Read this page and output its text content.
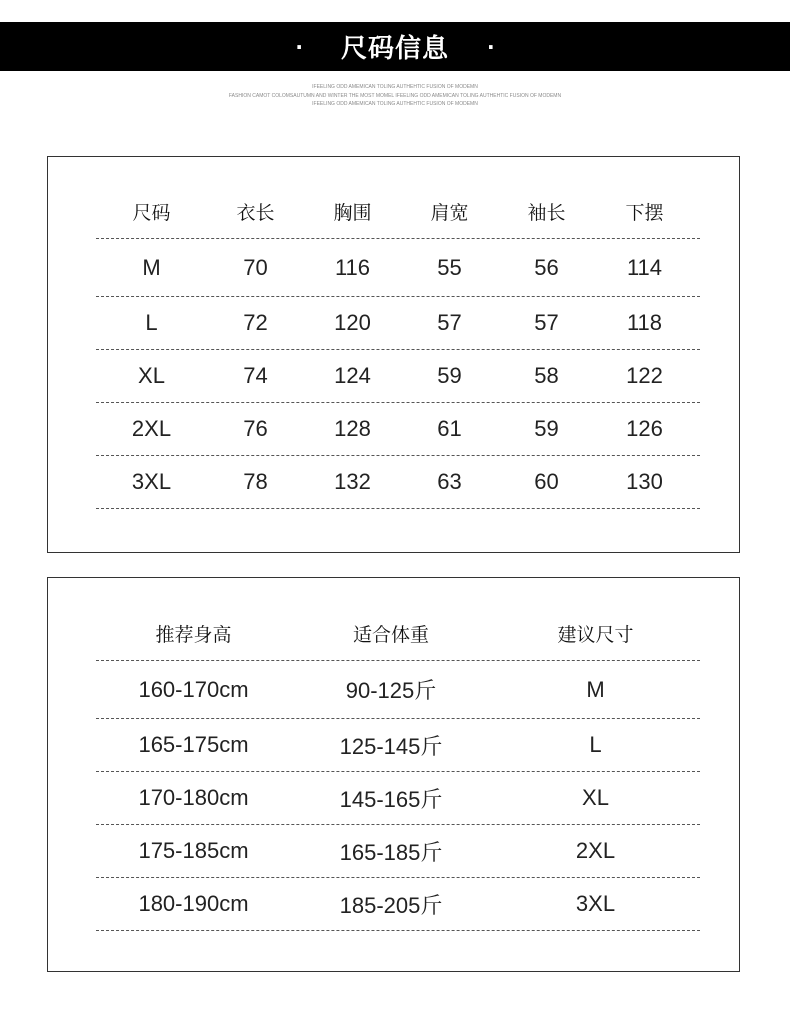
· 尺码信息 ·
IFEELING ODD AMEMICAN TOLING AUTHEHTIC FUSION OF MODEMN
FASHION CAMOT COLOMSAUTUMN AND WINTER THE MOST MOMEL IFEELING ODD AMEMICAN TOLING AUTHEHTIC FUSION OF MODEMN
IFEELING ODD AMEMICAN TOLING AUTHEHTIC FUSION OF MODEMN
尺码	衣长	胸围	肩宽	袖长	下摆
M	70	116	55	56	114
L	72	120	57	57	118
XL	74	124	59	58	122
2XL	76	128	61	59	126
3XL	78	132	63	60	130
推荐身高	适合体重	建议尺寸
160-170cm	90-125斤	M
165-175cm	125-145斤	L
170-180cm	145-165斤	XL
175-185cm	165-185斤	2XL
180-190cm	185-205斤	3XL
